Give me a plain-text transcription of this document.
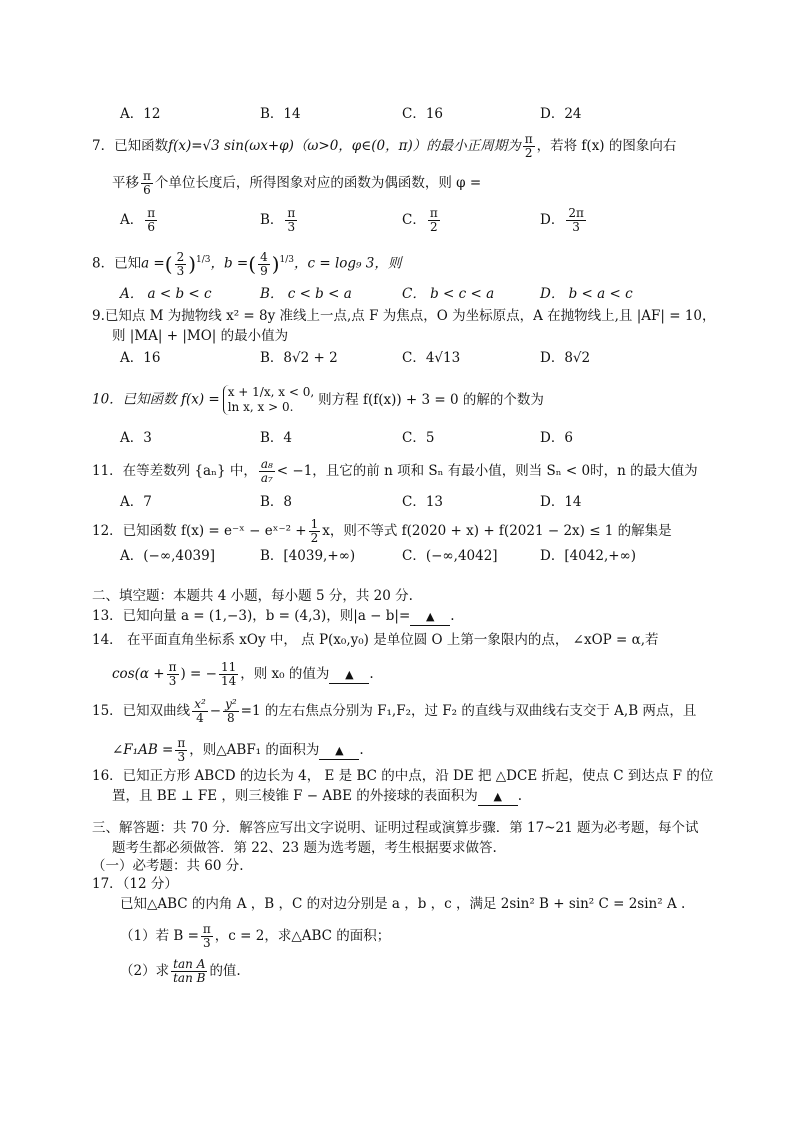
A．12	B．14	C．16	D．24
7．已知函数f(x)=√3 sin(ωx+φ)（ω>0，φ∈(0，π)）的最小正周期为 $\frac{\pi}{2}$ ，若将 f(x) 的图象向右
平移 $\frac{\pi}{6}$ 个单位长度后，所得图象对应的函数为偶函数，则 φ =
A． $\frac{\pi}{6}$	B． $\frac{\pi}{3}$	C． $\frac{\pi}{2}$	D． $\frac{2\pi}{3}$
8．已知a =( $\frac{2}{3} )^{1/3}$，b =( $\frac{4}{9} )^{1/3}$，c = log₉ 3，则
A． a < b < c	B． c < b < a	C． b < c < a	D． b < a < c
9.已知点 M 为抛物线 x² = 8y 准线上一点,点 F 为焦点，O 为坐标原点，A 在抛物线上,且 |AF| = 10，
则 |MA| + |MO| 的最小值为
A．16	B．8√2 + 2	C．4√13	D．8√2
10．已知函数 f(x) = x + 1/x, x < 0,
ln x, x > 0.	则方程 f(f(x)) + 3 = 0 的解的个数为
A．3	B．4	C．5	D．6
11．在等差数列 {aₙ} 中， $\frac{\text{a₈}}{\text{a₇}} < -1$，且它的前 n 项和 Sₙ 有最小值，则当 Sₙ < 0时，n 的最大值为
A．7	B．8	C．13	D．14
12．已知函数 f(x) = e⁻ˣ − eˣ⁻² + $\frac{1}{2}$ x，则不等式 f(2020 + x) + f(2021 − 2x) ≤ 1 的解集是
A．(−∞,4039]	B．[4039,+∞)	C．(−∞,4042]	D．[4042,+∞)
二、填空题：本题共 4 小题，每小题 5 分，共 20 分.
13．已知向量 a = (1,−3)，b = (4,3)，则|a − b|= ▲ .
14． 在平面直角坐标系 xOy 中， 点 P(x₀,y₀) 是单位圆 O 上第一象限内的点， ∠xOP = α,若
$\cos(\alpha + \frac{\pi}{3}$ ) = − $\frac{11}{14}$ ，则 x₀ 的值为 ▲ .
15．已知双曲线 $\frac{\text{x²}}{4} - \frac{\text{y²}}{8} =1$ 的左右焦点分别为 F₁,F₂，过 F₂ 的直线与双曲线右支交于 A,B 两点，且
∠F₁AB = $\frac{\pi}{3}$ ，则△ABF₁ 的面积为 ▲ .
16．已知正方形 ABCD 的边长为 4， E 是 BC 的中点，沿 DE 把 △DCE 折起，使点 C 到达点 F 的位
置，且 BE ⊥ FE ，则三棱锥 F − ABE 的外接球的表面积为 ▲ .
三、解答题：共 70 分．解答应写出文字说明、证明过程或演算步骤．第 17~21 题为必考题，每个试
题考生都必须做答．第 22、23 题为选考题，考生根据要求做答.
（一）必考题：共 60 分.
17．（12 分）
已知△ABC 的内角 A ，B ，C 的对边分别是 a ，b ，c ，满足 2sin² B + sin² C = 2sin² A .
（1）若 $B = \frac{\pi}{3}$ ，c = 2，求△ABC 的面积；
（2）求 $\frac{\text{tan A}}{\text{tan B}}$ 的值.
